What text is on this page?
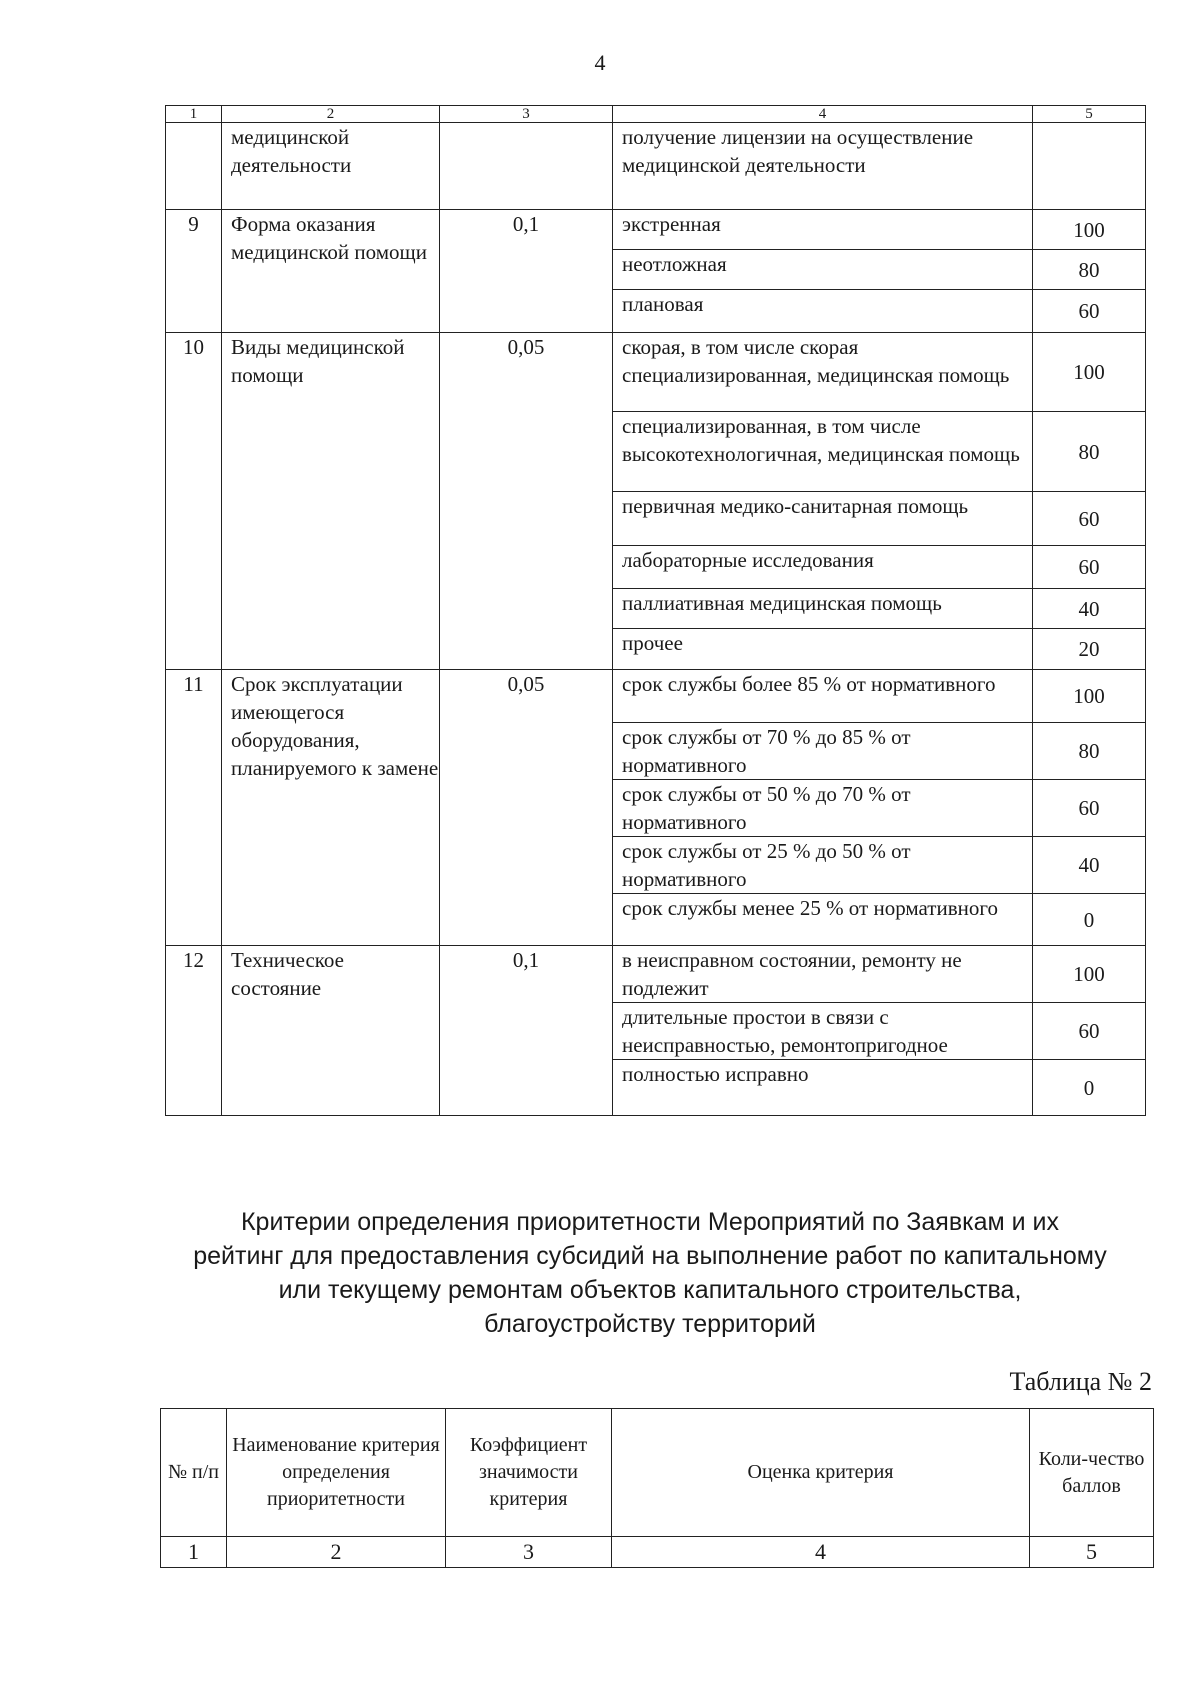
4
1	2	3	4	5
	медицинской деятельности		получение лицензии на осуществление медицинской деятельности	
9	Форма оказания медицинской помощи	0,1	экстренная	100
			неотложная	80
			плановая	60
10	Виды медицинской помощи	0,05	скорая, в том числе скорая специализированная, медицинская помощь	100
			специализированная, в том числе высокотехнологичная, медицинская помощь	80
			первичная медико-санитарная помощь	60
			лабораторные исследования	60
			паллиативная медицинская помощь	40
			прочее	20
11	Срок эксплуатации имеющегося оборудования, планируемого к замене	0,05	срок службы более 85 % от нормативного	100
			срок службы от 70 % до 85 % от нормативного	80
			срок службы от 50 % до 70 % от нормативного	60
			срок службы от 25 % до 50 % от нормативного	40
			срок службы менее 25 % от нормативного	0
12	Техническое состояние	0,1	в неисправном состоянии, ремонту не подлежит	100
			длительные простои в связи с неисправностью, ремонтопригодное	60
			полностью исправно	0
Критерии определения приоритетности Мероприятий по Заявкам и их
рейтинг для предоставления субсидий на выполнение работ по капитальному
или текущему ремонтам объектов капитального строительства,
благоустройству территорий
Таблица № 2
№ п/п	Наименование критерия определения приоритетности	Коэффициент значимости критерия	Оценка критерия	Коли-чество баллов
1	2	3	4	5
